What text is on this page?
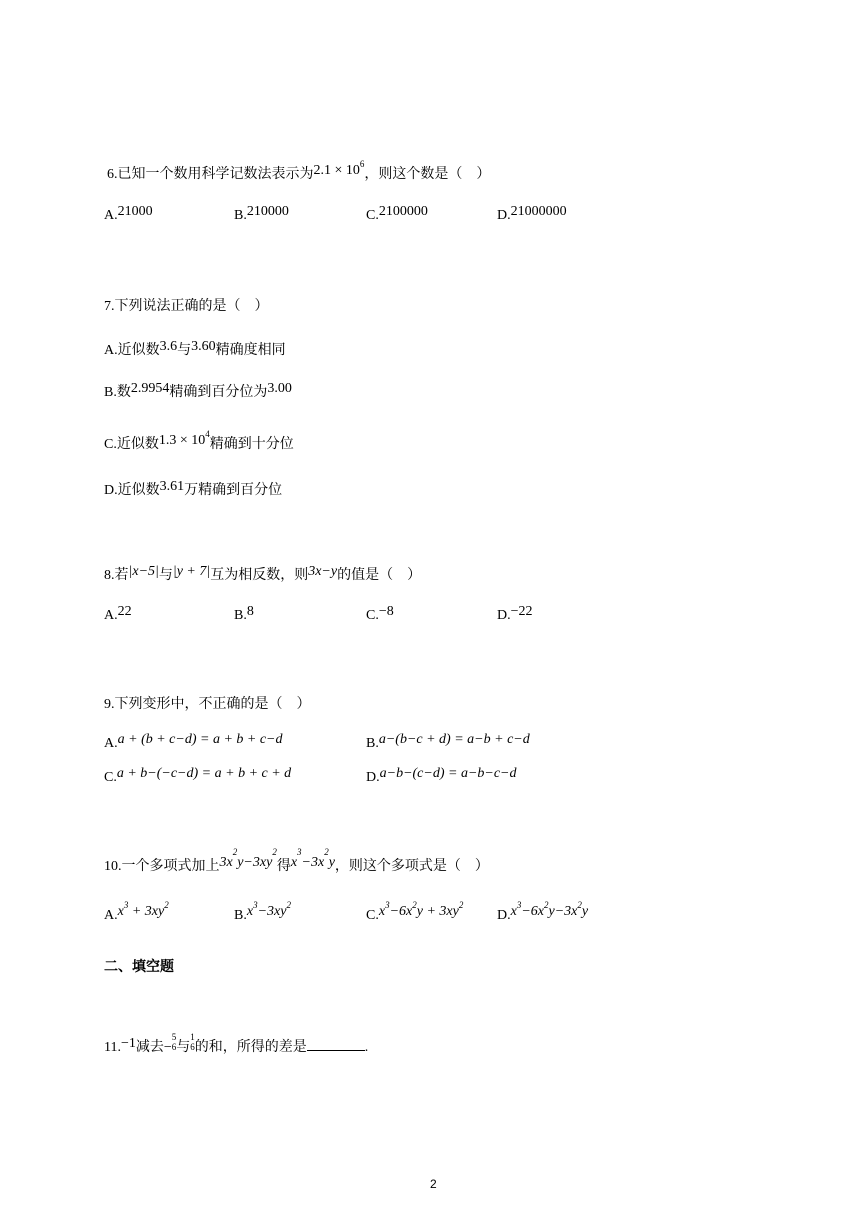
6.已知一个数用科学记数法表示为$2.1 \times 10^6$，则这个数是（　）
A.21000	B.210000	C.2100000	D.21000000
7.下列说法正确的是（　）
A.近似数3.6与3.60精确度相同
B.数2.9954精确到百分位为3.00
C.近似数$1.3 \times 10^4$精确到十分位
D.近似数3.61万精确到百分位
8.若|x−5|与|y + 7|互为相反数，则3x−y的值是（　）
A.22	B.8	C.−8	D.−22
9.下列变形中，不正确的是（　）
A.a + (b + c−d) = a + b + c−d	B.a−(b−c + d) = a−b + c−d
C.a + b−(−c−d) = a + b + c + d	D.a−b−(c−d) = a−b−c−d
10.一个多项式加上$3x^2y-3xy^2$得$x^3-3x^2y$，则这个多项式是（　）
$A.x^3 + 3xy^2$
$B.x^3-3xy^2$
$C.x^3-6x^2y + 3xy^2$
$D.x^3-6x^2y-3x^2y$
二、填空题
11.−1减去−
5
6 与
1
6 的和，所得的差是	.
2
